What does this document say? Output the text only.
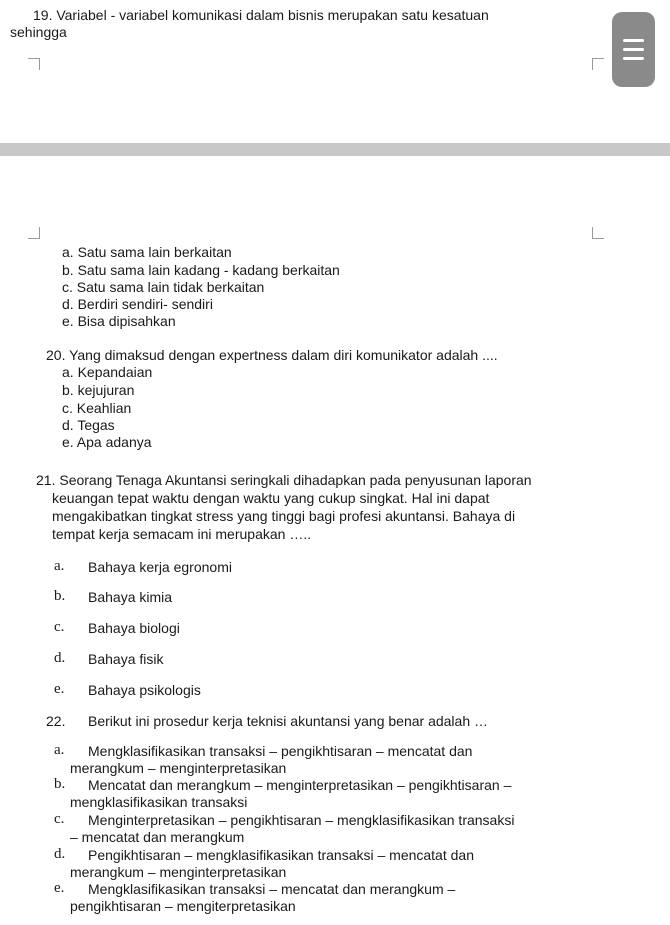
19. Variabel - variabel komunikasi dalam bisnis merupakan satu kesatuan
sehingga
a. Satu sama lain berkaitan
b. Satu sama lain kadang - kadang berkaitan
c. Satu sama lain tidak berkaitan
d. Berdiri sendiri- sendiri
e. Bisa dipisahkan
20. Yang dimaksud dengan expertness dalam diri komunikator adalah ....
a. Kepandaian
b. kejujuran
c. Keahlian
d. Tegas
e. Apa adanya
21. Seorang Tenaga Akuntansi seringkali dihadapkan pada penyusunan laporan
keuangan tepat waktu dengan waktu yang cukup singkat. Hal ini dapat
mengakibatkan tingkat stress yang tinggi bagi profesi akuntansi. Bahaya di
tempat kerja semacam ini merupakan …..
a. Bahaya kerja egronomi
b. Bahaya kimia
c. Bahaya biologi
d. Bahaya fisik
e. Bahaya psikologis
22. Berikut ini prosedur kerja teknisi akuntansi yang benar adalah …
a. Mengklasifikasikan transaksi – pengikhtisaran – mencatat dan
merangkum – menginterpretasikan
b. Mencatat dan merangkum – menginterpretasikan – pengikhtisaran –
mengklasifikasikan transaksi
c. Menginterpretasikan – pengikhtisaran – mengklasifikasikan transaksi
– mencatat dan merangkum
d. Pengikhtisaran – mengklasifikasikan transaksi – mencatat dan
merangkum – menginterpretasikan
e. Mengklasifikasikan transaksi – mencatat dan merangkum –
pengikhtisaran – mengiterpretasikan
